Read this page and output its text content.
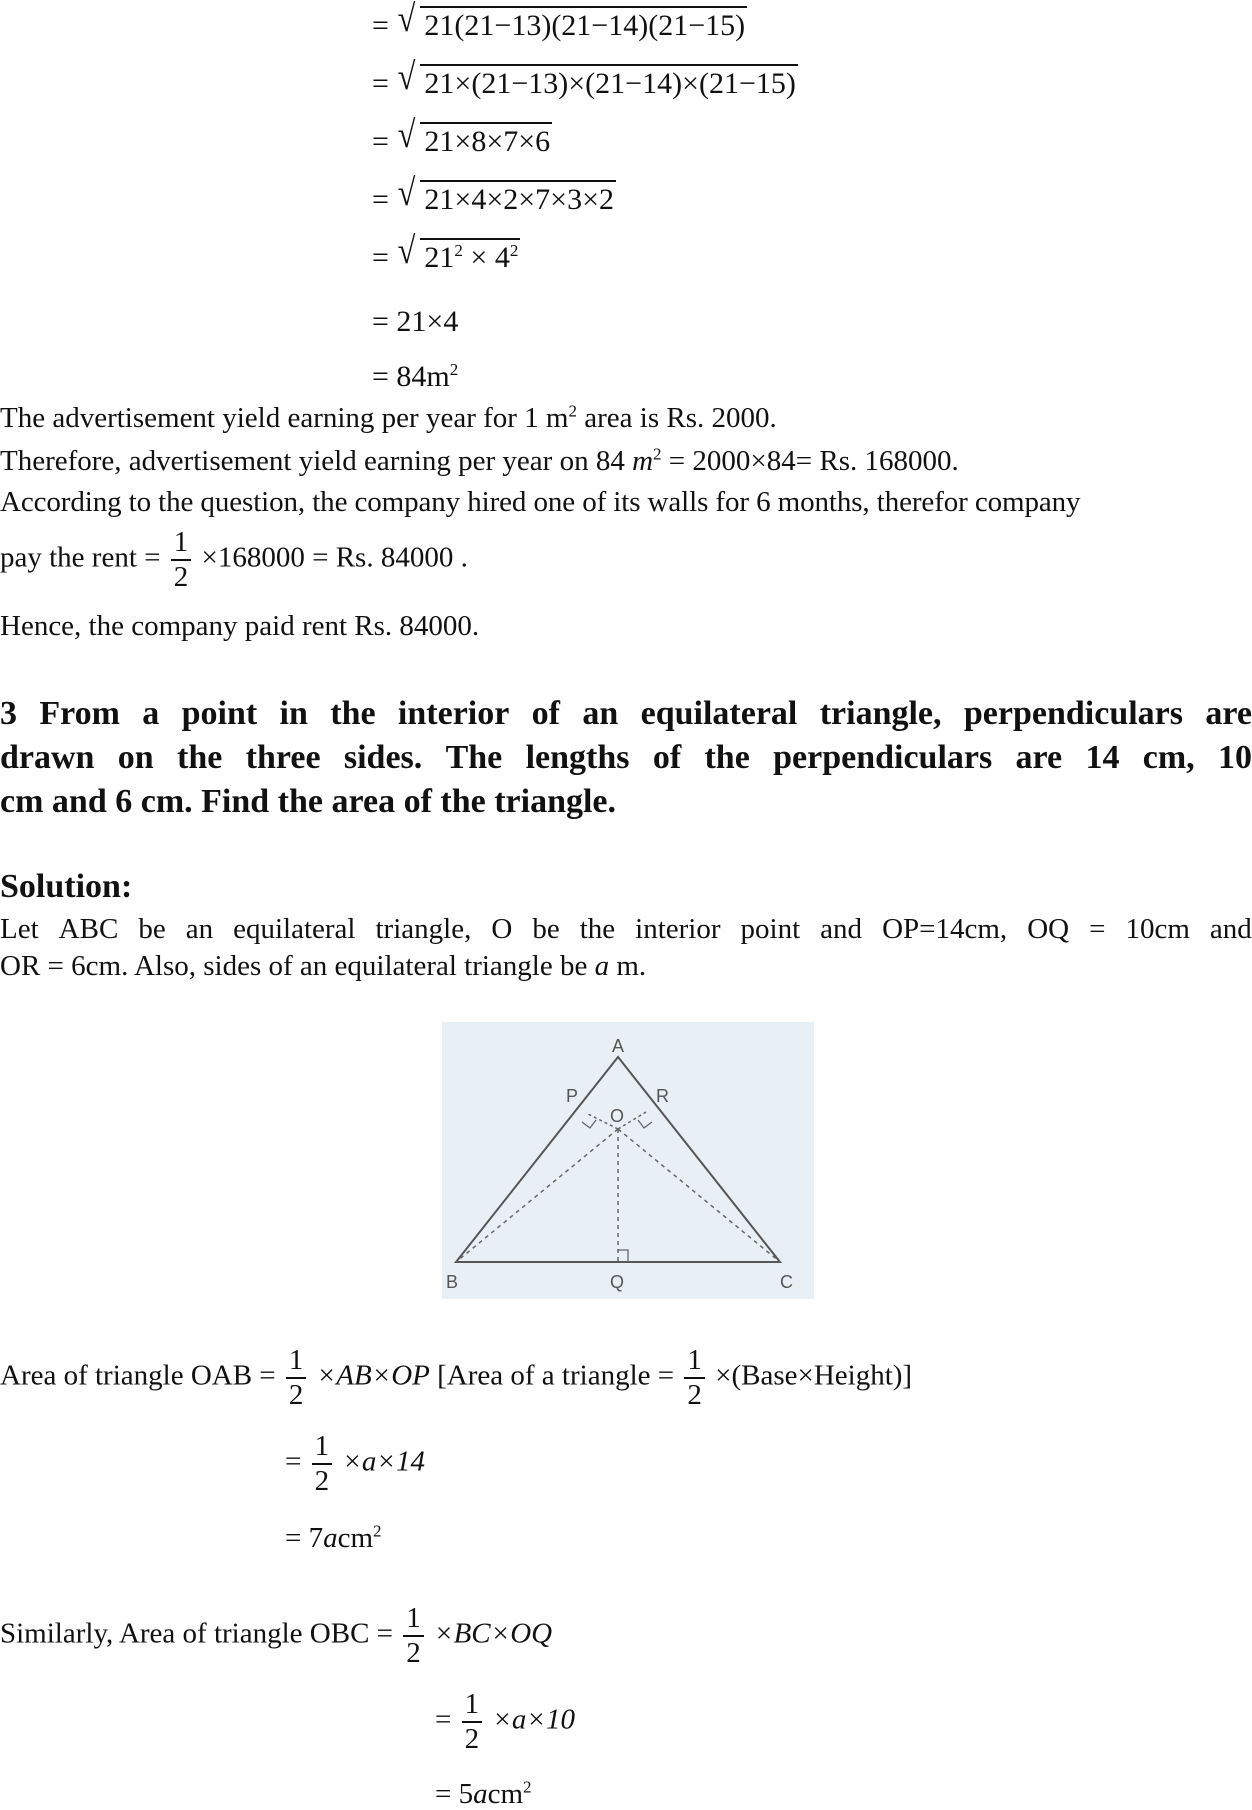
= √ 21(21−13)(21−14)(21−15)
= √ 21×(21−13)×(21−14)×(21−15)
= √ 21×8×7×6
= √ 21×4×2×7×3×2
= √ $21^2 \times 4^2$
= 21×4
= $84m^2$
The advertisement yield earning per year for 1 $m^2$ area is Rs. 2000.
Therefore, advertisement yield earning per year on 84 $m^2 = 2000\times 84= Rs$. 168000.
According to the question, the company hired one of its walls for 6 months, therefor company
pay the rent = $\frac{1}{2} \times 168000 = Rs$. 84000 .
Hence, the company paid rent Rs. 84000.
3 From a point in the interior of an equilateral triangle, perpendiculars are
drawn on the three sides. The lengths of the perpendiculars are 14 cm, 10
cm and 6 cm. Find the area of the triangle.
Solution:
Let ABC be an equilateral triangle, O be the interior point and OP=14cm, OQ = 10cm and
OR = 6cm. Also, sides of an equilateral triangle be a m.
A
B	C
Q
P	R
O
Area of triangle OAB = $\frac{1}{2} \times AB\times OP$ [Area of a triangle = $\frac{1}{2}$ ×(Base×Height)]
= $\frac{1}{2} \times a\times 14$
= 7acm$^2$
Similarly, Area of triangle OBC = $\frac{1}{2} \times BC\times OQ$
= $\frac{1}{2} \times a\times 10$
= 5acm$^2$
